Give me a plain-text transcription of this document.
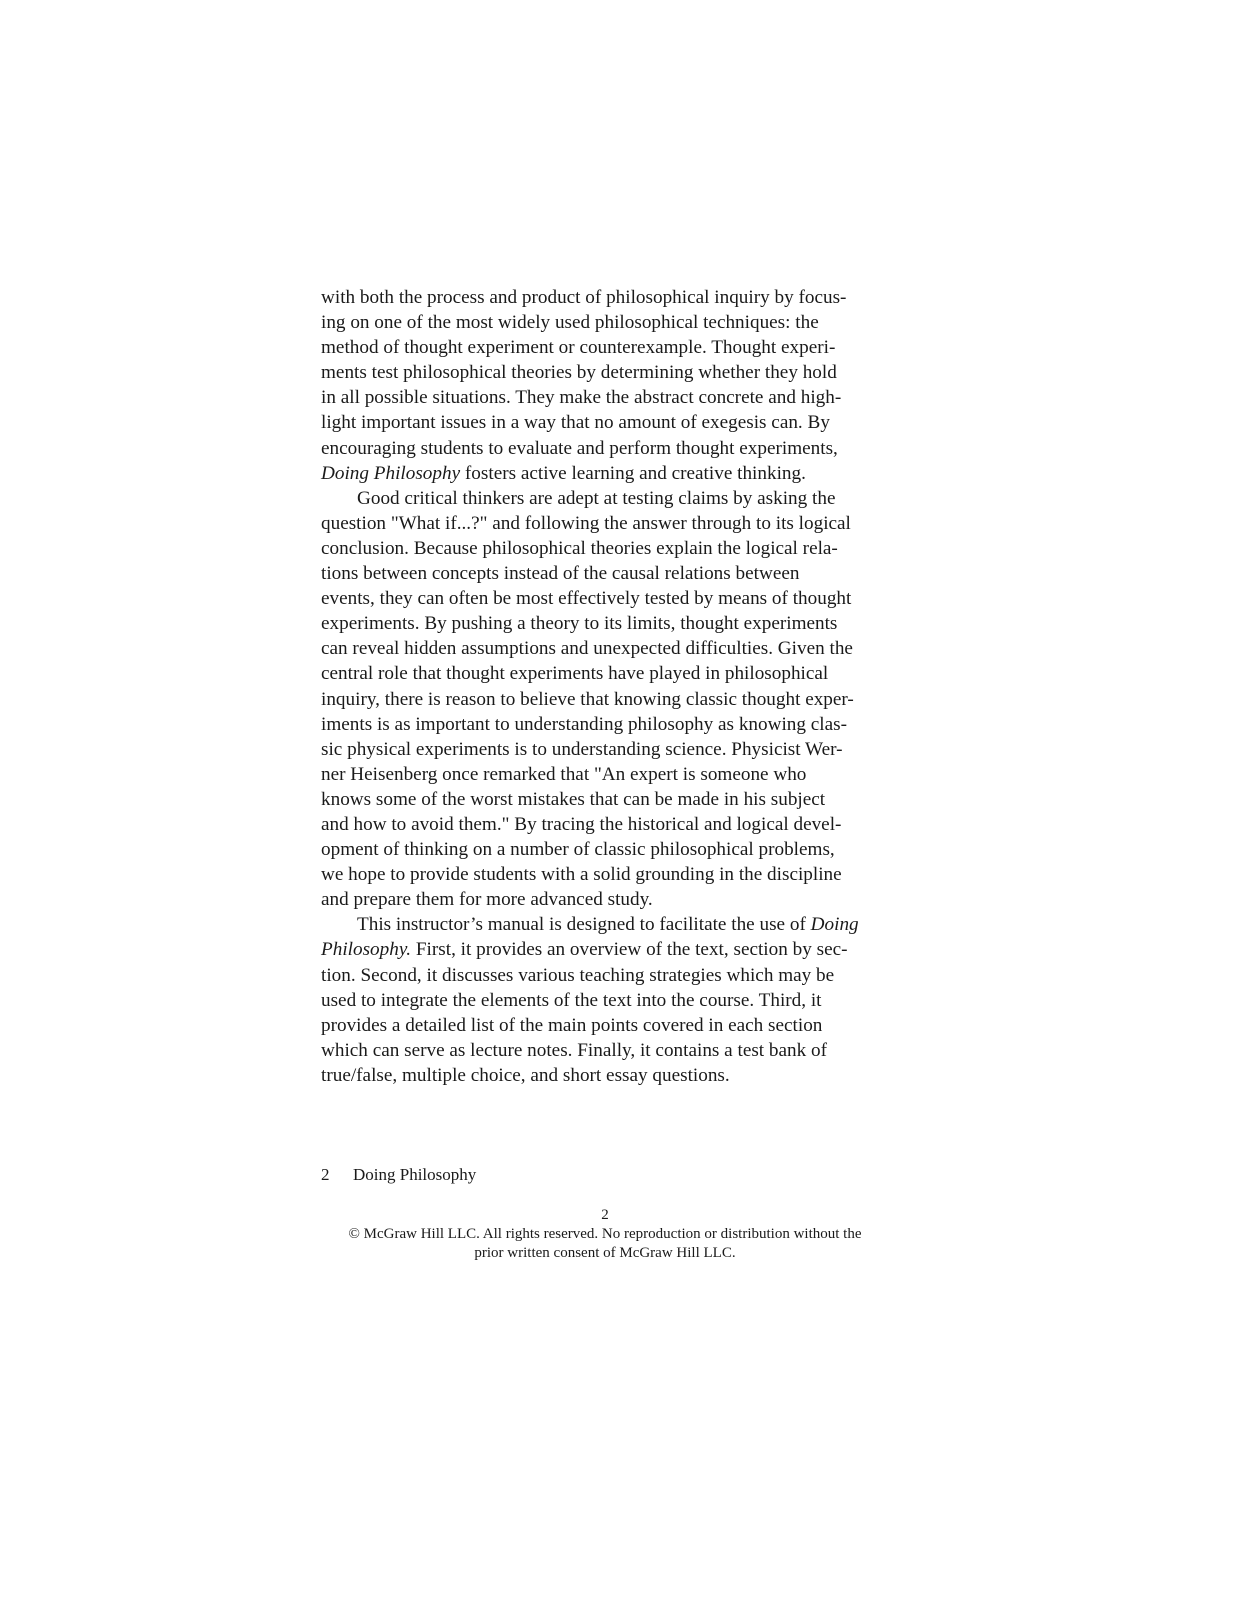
with both the process and product of philosophical inquiry by focus-
ing on one of the most widely used philosophical techniques: the
method of thought experiment or counterexample. Thought experi-
ments test philosophical theories by determining whether they hold
in all possible situations. They make the abstract concrete and high-
light important issues in a way that no amount of exegesis can. By
encouraging students to evaluate and perform thought experiments,
Doing Philosophy fosters active learning and creative thinking.
Good critical thinkers are adept at testing claims by asking the
question "What if...?" and following the answer through to its logical
conclusion. Because philosophical theories explain the logical rela-
tions between concepts instead of the causal relations between
events, they can often be most effectively tested by means of thought
experiments. By pushing a theory to its limits, thought experiments
can reveal hidden assumptions and unexpected difficulties. Given the
central role that thought experiments have played in philosophical
inquiry, there is reason to believe that knowing classic thought exper-
iments is as important to understanding philosophy as knowing clas-
sic physical experiments is to understanding science. Physicist Wer-
ner Heisenberg once remarked that "An expert is someone who
knows some of the worst mistakes that can be made in his subject
and how to avoid them." By tracing the historical and logical devel-
opment of thinking on a number of classic philosophical problems,
we hope to provide students with a solid grounding in the discipline
and prepare them for more advanced study.
This instructor’s manual is designed to facilitate the use of Doing
Philosophy. First, it provides an overview of the text, section by sec-
tion. Second, it discusses various teaching strategies which may be
used to integrate the elements of the text into the course. Third, it
provides a detailed list of the main points covered in each section
which can serve as lecture notes. Finally, it contains a test bank of
true/false, multiple choice, and short essay questions.
2 Doing Philosophy
2
© McGraw Hill LLC. All rights reserved. No reproduction or distribution without the
prior written consent of McGraw Hill LLC.
